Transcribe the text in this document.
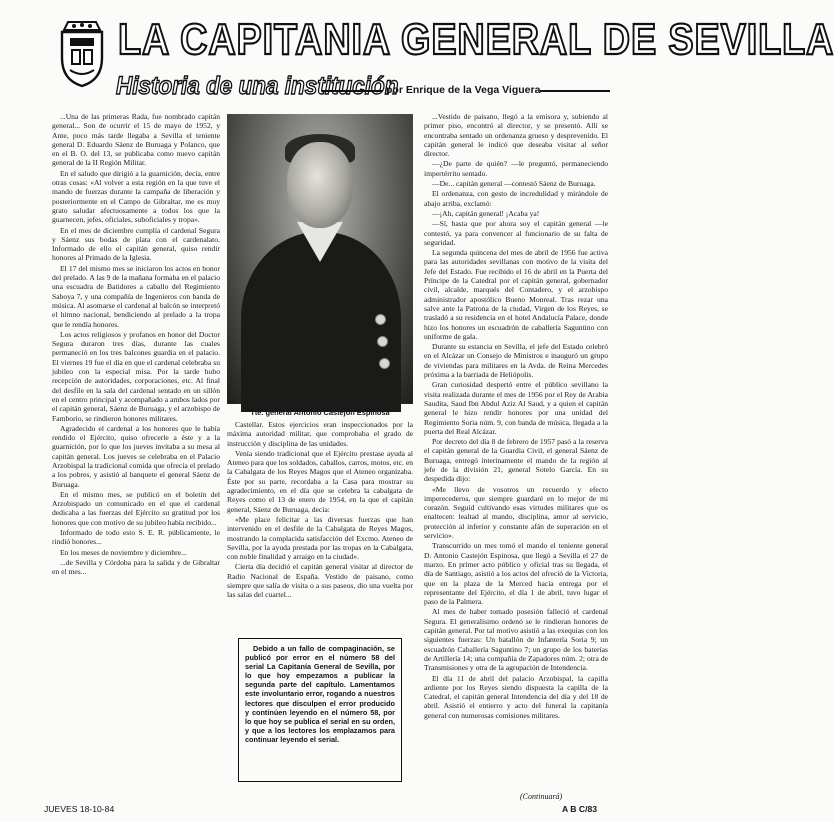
LA CAPITANIA GENERAL DE SEVILLA
Historia de una institución
por Enrique de la Vega Viguera

...Una de las primeras Rada, fue nombrado capitán general... Son de ocurrir el 15 de mayo de 1952, y Ante, poco más tarde llegaba a Sevilla el teniente general D. Eduardo Sáenz de Buruaga y Polanco, que en el B. O. del 13, se publicaba como nuevo capitán general de la II Región Militar.

En el saludo que dirigió a la guarnición, decía, entre otras cosas: «Al volver a esta región en la que tuve el mando de fuerzas durante la campaña de liberación y posteriormente en el Campo de Gibraltar, me es muy grato saludar afectuosamente a todos los que la guarnecen, jefes, oficiales, suboficiales y tropa».

En el mes de diciembre cumplía el cardenal Segura y Sáenz sus bodas de plata con el cardenalato. Informado de ello el capitán general, quiso rendir honores al Primado de la Iglesia.

El 17 del mismo mes se iniciaron los actos en honor del prelado. A las 9 de la mañana formaba en el palacio una escuadra de Batidores a caballo del Regimiento Saboya 7, y una compañía de Ingenieros con banda de música. Al asomarse el cardenal al balcón se interpretó el himno nacional, bendiciendo al prelado a la tropa que le rendía honores.

Los actos religiosos y profanos en honor del Doctor Segura duraron tres días, durante las cuales permaneció en los tres balcones guardia en el palacio. El viernes 19 fue el día en que el cardenal celebraba su jubileo con la especial misa. Por la tarde hubo recepción de autoridades, corporaciones, etc. Al final del desfile en la sala del cardenal sentado en un sillón en el centro principal y acompañado a ambos lados por el capitán general, Sáenz de Buruaga, y el arzobispo de Famborio, se rindieron honores militares.

Agradecido el cardenal a los honores que le había rendido el Ejército, quiso ofrecerle a éste y a la guarnición, por lo que los jueves invitaba a su mesa al capitán general. Los jueves se celebraba en el Palacio Arzobispal la tradicional comida que ofrecía el prelado a los pobres, y asistió al banquete el general Sáenz de Buruaga.

En el mismo mes, se publicó en el boletín del Arzobispado un comunicado en el que el cardenal dedicaba a las fuerzas del Ejército su gratitud por los honores que con motivo de su jubileo había recibido...

Informado de todo esto S. E. R. públicamente, le rindió honores...

En los meses de noviembre y diciembre...

...de Sevilla y Córdoba para la salida y de Gibraltar en el mes...

Tte. general Antonio Castejón Espinosa

Castellar. Estos ejercicios eran inspeccionados por la máxima autoridad militar, que comprobaba el grado de instrucción y disciplina de las unidades.

Venía siendo tradicional que el Ejército prestase ayuda al Ateneo para que los soldados, caballos, carros, motos, etc. en la Cabalgata de los Reyes Magos que el Ateneo organizaba. Éste por su parte, recordaba a la Casa para mostrar su agradecimiento, en el día que se celebra la cabalgata de Reyes como el 13 de enero de 1954, en la que el capitán general, Sáenz de Buruaga, decía:

«Me place felicitar a las diversas fuerzas que han intervenido en el desfile de la Cabalgata de Reyes Magos, mostrando la complacida satisfacción del Excmo. Ateneo de Sevilla, por la ayuda prestada por las tropas en la Cabalgata, con noble finalidad y arraigo en la ciudad».

Cierta día decidió el capitán general visitar al director de Radio Nacional de España. Vestido de paisano, como siempre que salía de visita o a sus paseos, dio una vuelta por las salas del cuartel...

Debido a un fallo de compaginación, se publicó por error en el número 58 del serial La Capitanía General de Sevilla, por lo que hoy empezamos a publicar la segunda parte del capítulo. Lamentamos este involuntario error, rogando a nuestros lectores que disculpen el error producido y continúen leyendo en el número 58, por lo que hoy se publica el serial en su orden, y que a los lectores los emplazamos para continuar leyendo el serial.

...Vestido de paisano, llegó a la emisora y, subiendo al primer piso, encontró al director, y se presentó. Allí se encontraba sentado un ordenanza grueso y desprevenido. El capitán general le indicó que deseaba visitar al señor director.

—¿De parte de quién? —le preguntó, permaneciendo impertérrito sentado.

—De... capitán general —contestó Sáenz de Buruaga.

El ordenanza, con gesto de incredulidad y mirándole de abajo arriba, exclamó:

—¡Ah, capitán general! ¡Acaba ya!

—Sí, basta que por ahora soy el capitán general —le contestó, ya para convencer al funcionario de su falta de seguridad.

La segunda quincena del mes de abril de 1956 fue activa para las autoridades sevillanas con motivo de la visita del Jefe del Estado. Fue recibido el 16 de abril en la Puerta del Príncipe de la Catedral por el capitán general, gobernador civil, alcalde, marqués del Contadero, y el arzobispo administrador apostólico Bueno Monreal. Tras rezar una salve ante la Patrona de la ciudad, Virgen de los Reyes, se trasladó a su residencia en el hotel Andalucía Palace, donde hizo los honores un escuadrón de caballería Saguntino con uniforme de gala.

Durante su estancia en Sevilla, el jefe del Estado celebró en el Alcázar un Consejo de Ministros e inauguró un grupo de viviendas para militares en la Avda. de Reina Mercedes próxima a la barriada de Heliópolis.

Gran curiosidad despertó entre el público sevillano la visita realizada durante el mes de 1956 por el Rey de Arabia Saudita, Saud Ibn Abdul Aziz Al Saud, y a quien el capitán general le hizo rendir honores por una unidad del Regimiento Soria núm. 9, con banda de música, llegada a la puerta del Real Alcázar.

Por decreto del día 8 de febrero de 1957 pasó a la reserva el capitán general de la Guardia Civil, el general Sáenz de Buruaga, entregó interinamente el mando de la región al jefe de la división 21, general Sotelo García. En su despedida dijo:

«Me llevo de vosotros un recuerdo y efecto imperecederos, que siempre guardaré en lo mejor de mi corazón. Seguid cultivando esas virtudes militares que os enaltecen: lealtad al mando, disciplina, amor al servicio, protección al inferior y constante afán de superación en el servicio».

Transcurrido un mes tomó el mando el teniente general D. Antonio Castejón Espinosa, que llegó a Sevilla el 27 de marzo. En primer acto público y oficial tras su llegada, el día de Santiago, asistió a los actos del ofreció de la Victoria, que en la plaza de la Merced hacía entrega por el representante del Ejército, el día 1 de abril, tuvo lugar el paso de la Palmera.

Al mes de haber tomado posesión falleció el cardenal Segura. El generalísimo ordenó se le rindieran honores de capitán general. Por tal motivo asistió a las exequias con los siguientes fuerzas: Un batallón de Infantería Soria 9; un escuadrón Caballería Saguntino 7; un grupo de los baterías de Artillería 14; una compañía de Zapadores núm. 2; otra de Transmisiones y otra de la agrupación de Intendencia.

El día 11 de abril del palacio Arzobispal, la capilla ardiente por los Reyes siendo dispuesta la capilla de la Catedral, el capitán general Intendencia del día y del 18 de abril. Asistió el entierro y acto del funeral la capitanía general con numerosas comisiones militares.

(Continuará)
JUEVES 18-10-84	A B C/83
